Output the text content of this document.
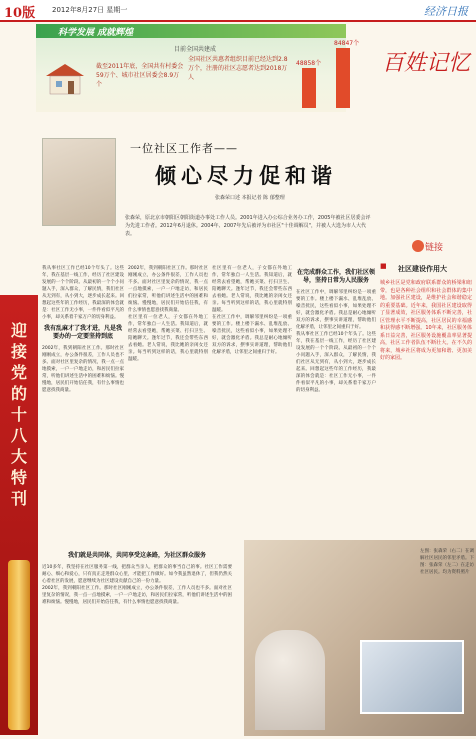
10版 2012年8月27日 星期一	经济日报
科学发展 成就辉煌
截至2011年底，全国共有村委会59万个、城市社区居委会8.9万个
目前全国共建成
全国社区共惠者组织目前已经达到2.8万个，注册的社区志愿者达到2018万人
48858个
84847个
百姓记忆
一位社区工作者——
倾心尽力促和谐
张森荣口述 本报记者 陈 郁整理
张森荣，原北京市朝阳区朝阳街道办事处工作人员。2001年进入办公综合业务办工作，2005年被社区居委会评为先进工作者。2012年6月退休。2004年、2007年先后被评为市社区"十佳调解员"，并被人大选为市人大代表。
迎接党的十八大特刊
我从事社区工作已经10个年头了。这些年，我在基层一线工作，经历了社区建设发展的一个个阶段。从最初的一个个小问题入手，深入群众，了解民情，我们社区从无到有，从小到大，逐步成长起来。回想起这些年的工作经历，我最深的体会就是：社区工作无小事，一件件看似平凡的小事，却关系着千家万户的切身利益。
我有乱麻才了我才进，凡是我要办的一定要坚持到底
2002年，我到朝阳社区工作。那时社区刚刚成立，办公条件很差，工作人员也不多。面对社区里复杂的情况，我一点一点地摸索，一户一户地走访，和居民们拉家常，听他们讲述生活中的困难和烦恼。慢慢地，居民们开始信任我，有什么事情也愿意找我商量。
2002年，我到朝阳社区工作。那时社区刚刚成立，办公条件很差，工作人员也不多。面对社区里复杂的情况，我一点一点地摸索，一户一户地走访，和居民们拉家常，听他们讲述生活中的困难和烦恼。慢慢地，居民们开始信任我，有什么事情也愿意找我商量。
社区里有一位老人，子女都在外地工作，常年独自一人生活。我知道后，就经常去看望她，帮她买菜、打扫卫生、陪她聊天。逢年过节，我还会带些东西去看她。老人常说，我比她的亲闺女还亲。每当听到这样的话，我心里就特别温暖。
社区里有一位老人，子女都在外地工作，常年独自一人生活。我知道后，就经常去看望她，帮她买菜、打扫卫生、陪她聊天。逢年过节，我还会带些东西去看她。老人常说，我比她的亲闺女还亲。每当听到这样的话，我心里就特别温暖。
在社区工作中，调解邻里纠纷是一项重要的工作。楼上楼下漏水、乱堆乱放、噪音扰民，这些看似小事，如果处理不好，就会激化矛盾。我总是耐心地倾听双方的诉求，摆事实讲道理，帮助他们化解矛盾，让邻里之间重归于好。
在完成群众工作，我们社区领导，坚持日常为人民服务
在社区工作中，调解邻里纠纷是一项重要的工作。楼上楼下漏水、乱堆乱放、噪音扰民，这些看似小事，如果处理不好，就会激化矛盾。我总是耐心地倾听双方的诉求，摆事实讲道理，帮助他们化解矛盾，让邻里之间重归于好。
我从事社区工作已经10个年头了。这些年，我在基层一线工作，经历了社区建设发展的一个个阶段。从最初的一个个小问题入手，深入群众，了解民情，我们社区从无到有，从小到大，逐步成长起来。回想起这些年的工作经历，我最深的体会就是：社区工作无小事，一件件看似平凡的小事，却关系着千家万户的切身利益。
我们就是共同体，共同享受这条路，为社区群众服务
近10多年，我坚持在社区服务第一线，把群众当亲人，把群众的事当自己的事。社区工作需要耐心、细心和爱心，只有真正走进群众心里，才能把工作做好。如今我虽然退休了，但我仍然关心着社区的发展，愿意继续为社区建设贡献自己的一份力量。
2002年，我到朝阳社区工作。那时社区刚刚成立，办公条件很差，工作人员也不多。面对社区里复杂的情况，我一点一点地摸索，一户一户地走访，和居民们拉家常，听他们讲述生活中的困难和烦恼。慢慢地，居民们开始信任我，有什么事情也愿意找我商量。
链接
■ 社区建设作用大
城乡社区是党和政府联系群众的桥梁和纽带，也是各种社会组织和社会群体的集中地。加强社区建设，是维护社会和谐稳定的重要基础。近年来，我国社区建设取得了显著成效，社区服务体系不断完善，社区管理水平不断提高，社区居民的幸福感和获得感不断增强。10年来，社区服务体系日益完善，社区服务设施覆盖率显著提高，社区工作者队伍不断壮大。在不久的将来，城乡社区将成为更加和谐、更加美好的家园。
左图：张森荣（右二）在调解社区居民的邻里矛盾。下图：张森荣（左二）在走访社区居民。均为资料照片
